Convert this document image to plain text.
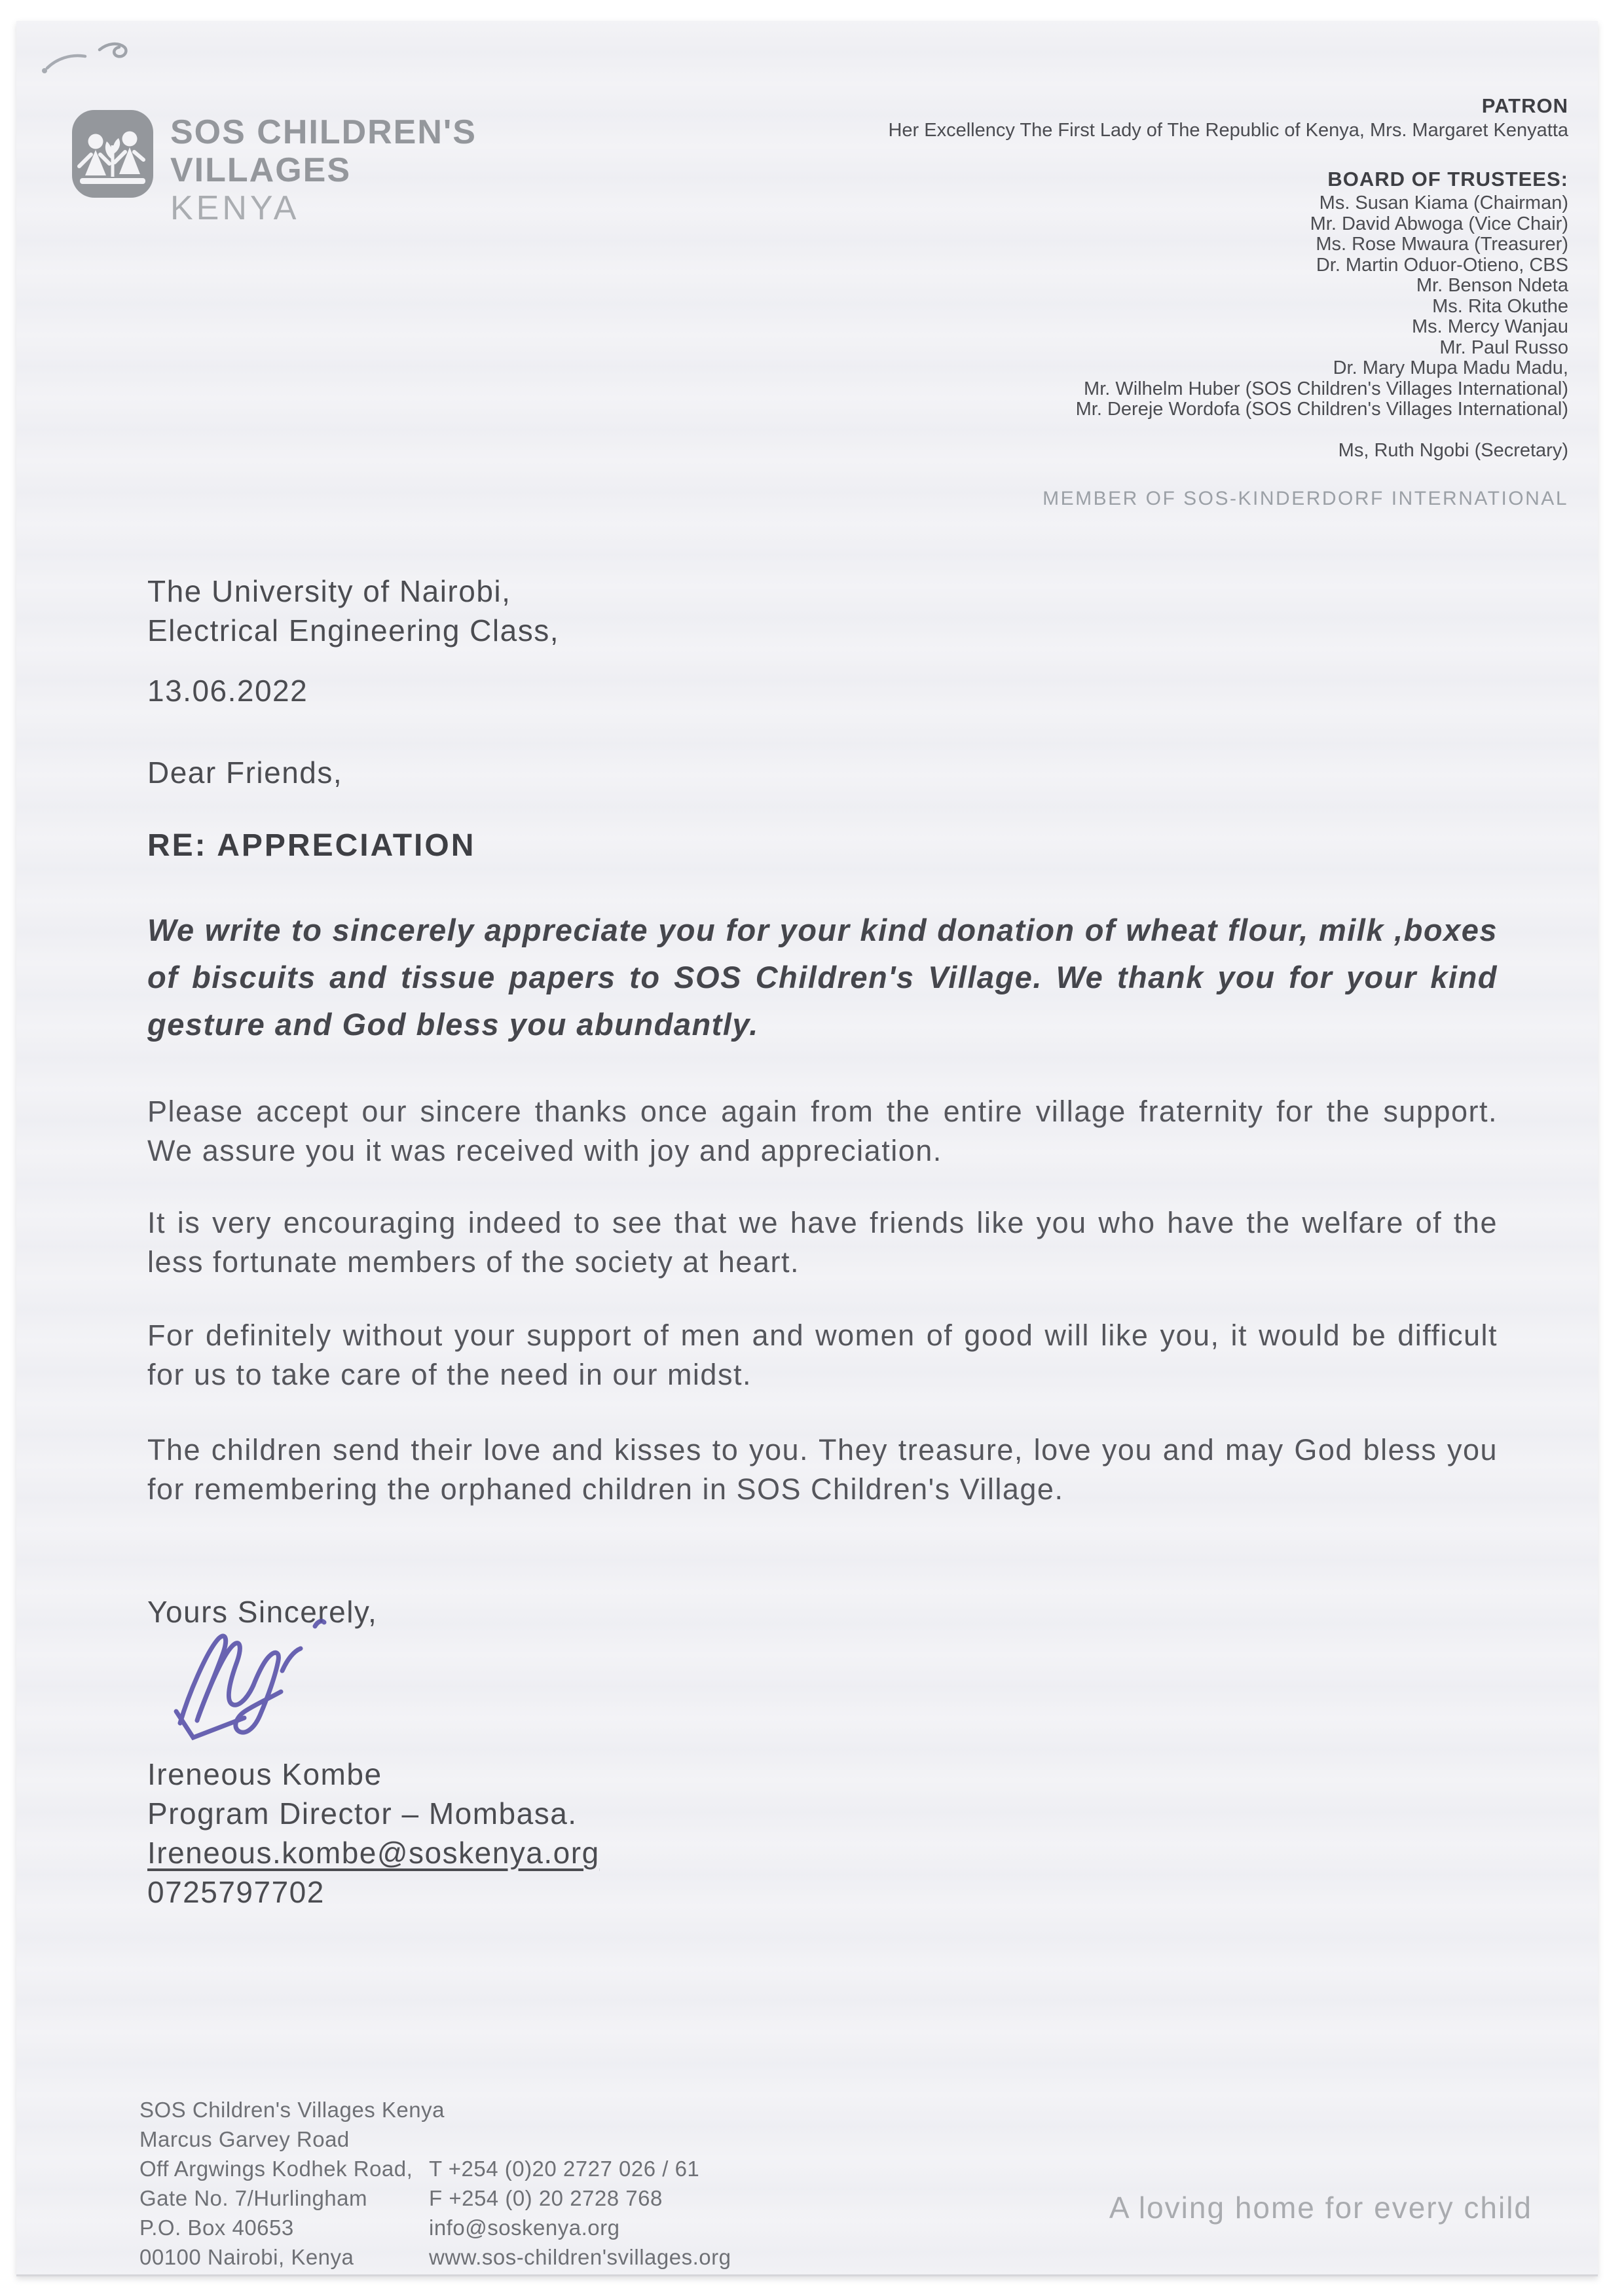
SOS CHILDREN'S
VILLAGES
KENYA
PATRON
Her Excellency The First Lady of The Republic of Kenya, Mrs. Margaret Kenyatta
BOARD OF TRUSTEES:
Ms. Susan Kiama (Chairman)
Mr. David Abwoga (Vice Chair)
Ms. Rose Mwaura (Treasurer)
Dr. Martin Oduor-Otieno, CBS
Mr. Benson Ndeta
Ms. Rita Okuthe
Ms. Mercy Wanjau
Mr. Paul Russo
Dr. Mary Mupa Madu Madu,
Mr. Wilhelm Huber (SOS Children's Villages International)
Mr. Dereje Wordofa (SOS Children's Villages International)
Ms, Ruth Ngobi (Secretary)
MEMBER OF SOS-KINDERDORF INTERNATIONAL
The University of Nairobi,
Electrical Engineering Class,
13.06.2022
Dear Friends,
RE: APPRECIATION
We write to sincerely appreciate you for your kind donation of wheat flour, milk ,boxes of biscuits and tissue papers to SOS Children's Village. We thank you for your kind gesture and God bless you abundantly.
Please accept our sincere thanks once again from the entire village fraternity for the support. We assure you it was received with joy and appreciation.
It is very encouraging indeed to see that we have friends like you who have the welfare of the less fortunate members of the society at heart.
For definitely without your support of men and women of good will like you, it would be difficult for us to take care of the need in our midst.
The children send their love and kisses to you. They treasure, love you and may God bless you for remembering the orphaned children in SOS Children's Village.
Yours Sincerely,
Ireneous Kombe
Program Director – Mombasa.
Ireneous.kombe@soskenya.org
0725797702
SOS Children's Villages Kenya
Marcus Garvey Road
Off Argwings Kodhek Road,
Gate No. 7/Hurlingham
P.O. Box 40653
00100 Nairobi, Kenya
T +254 (0)20 2727 026 / 61
F +254 (0) 20 2728 768
info@soskenya.org
www.sos-children'svillages.org
A loving home for every child
